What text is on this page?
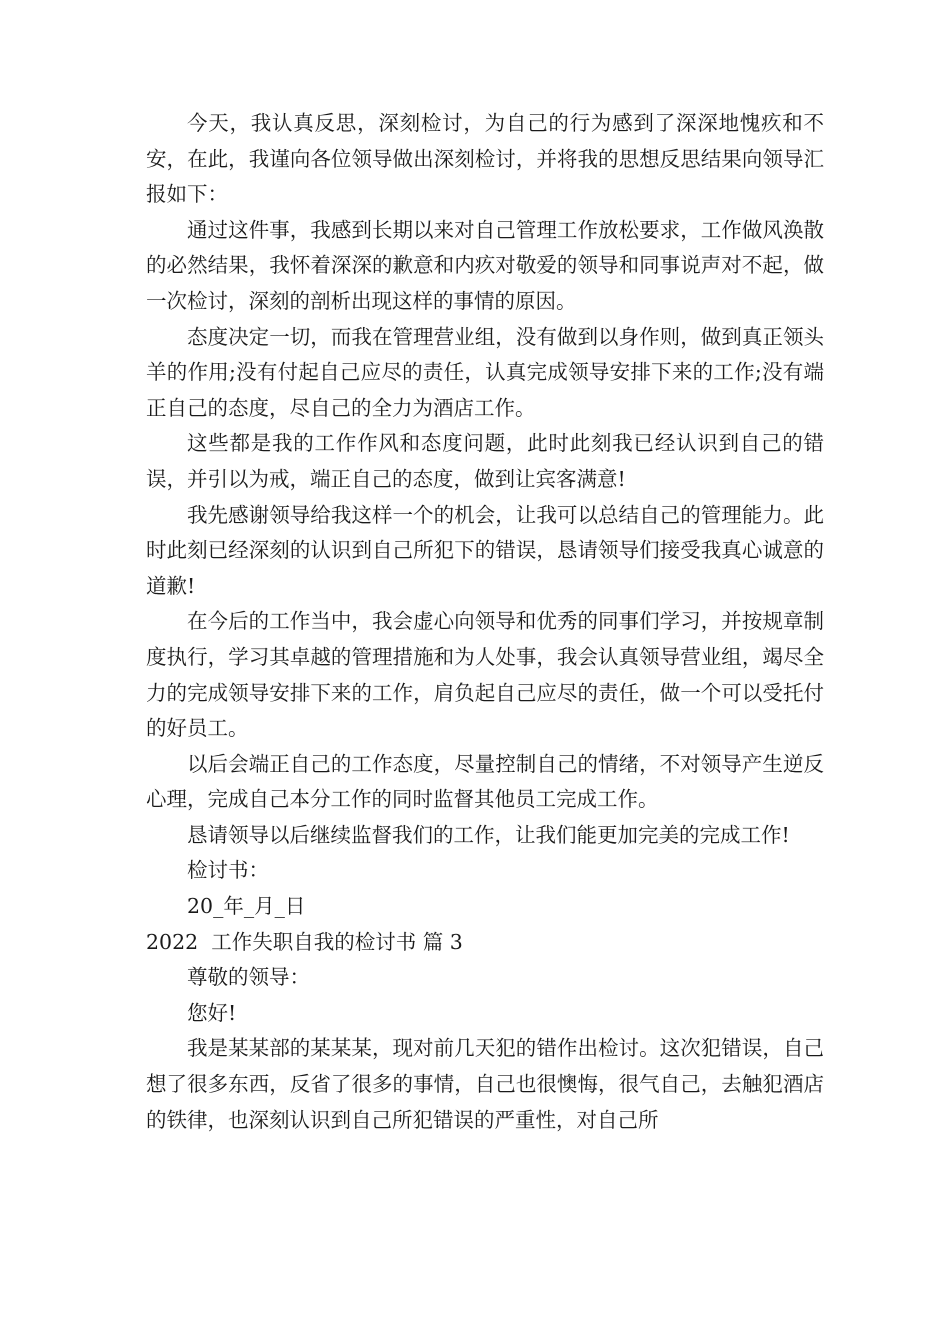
今天，我认真反思，深刻检讨，为自己的行为感到了深深地愧疚和不安，在此，我谨向各位领导做出深刻检讨，并将我的思想反思结果向领导汇报如下：

通过这件事，我感到长期以来对自己管理工作放松要求，工作做风涣散的必然结果，我怀着深深的歉意和内疚对敬爱的领导和同事说声对不起，做一次检讨，深刻的剖析出现这样的事情的原因。

态度决定一切，而我在管理营业组，没有做到以身作则，做到真正领头羊的作用;没有付起自己应尽的责任，认真完成领导安排下来的工作;没有端正自己的态度，尽自己的全力为酒店工作。

这些都是我的工作作风和态度问题，此时此刻我已经认识到自己的错误，并引以为戒，端正自己的态度，做到让宾客满意!

我先感谢领导给我这样一个的机会，让我可以总结自己的管理能力。此时此刻已经深刻的认识到自己所犯下的错误，恳请领导们接受我真心诚意的道歉!

在今后的工作当中，我会虚心向领导和优秀的同事们学习，并按规章制度执行，学习其卓越的管理措施和为人处事，我会认真领导营业组，竭尽全力的完成领导安排下来的工作，肩负起自己应尽的责任，做一个可以受托付的好员工。

以后会端正自己的工作态度，尽量控制自己的情绪，不对领导产生逆反心理，完成自己本分工作的同时监督其他员工完成工作。

恳请领导以后继续监督我们的工作，让我们能更加完美的完成工作!

检讨书：

20_年_月_日

2022  工作失职自我的检讨书 篇 3

尊敬的领导：

您好!

我是某某部的某某某，现对前几天犯的错作出检讨。这次犯错误，自己想了很多东西，反省了很多的事情，自己也很懊悔，很气自己，去触犯酒店的铁律，也深刻认识到自己所犯错误的严重性，对自己所
